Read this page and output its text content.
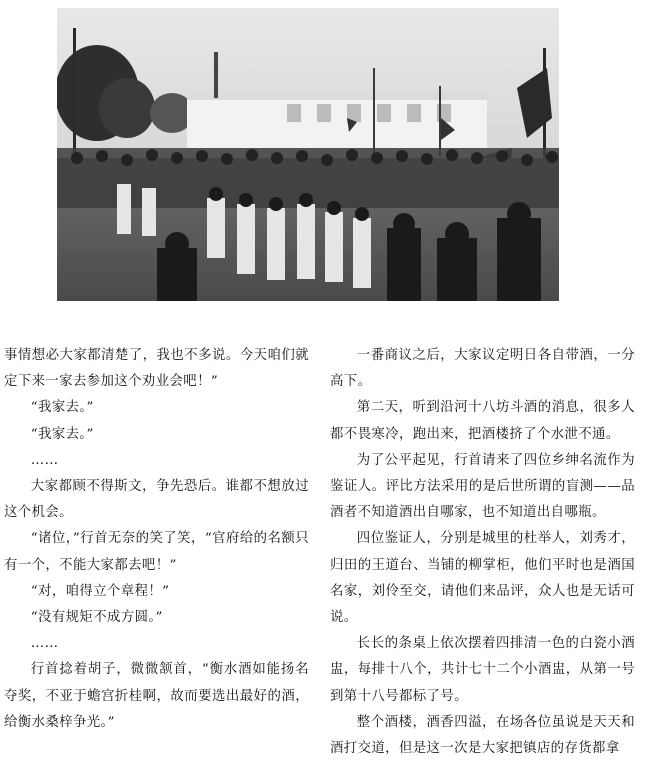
事情想必大家都清楚了，我也不多说。今天咱们就定下来一家去参加这个劝业会吧！”

“我家去。”

“我家去。”

……

大家都顾不得斯文，争先恐后。谁都不想放过这个机会。

“诸位，”行首无奈的笑了笑，“官府给的名额只有一个，不能大家都去吧！”

“对，咱得立个章程！”

“没有规矩不成方圆。”

……

行首捻着胡子，微微颔首，“衡水酒如能扬名夺奖，不亚于蟾宫折桂啊，故而要选出最好的酒，给衡水桑梓争光。”

一番商议之后，大家议定明日各自带酒，一分高下。

第二天，听到沿河十八坊斗酒的消息，很多人都不畏寒冷，跑出来，把酒楼挤了个水泄不通。

为了公平起见，行首请来了四位乡绅名流作为鉴证人。评比方法采用的是后世所谓的盲测——品酒者不知道酒出自哪家，也不知道出自哪瓶。

四位鉴证人，分别是城里的杜举人，刘秀才，归田的王道台、当铺的柳掌柜，他们平时也是酒国名家，刘伶至交，请他们来品评，众人也是无话可说。

长长的条桌上依次摆着四排清一色的白瓷小酒盅，每排十八个，共计七十二个小酒盅，从第一号到第十八号都标了号。

整个酒楼，酒香四溢，在场各位虽说是天天和酒打交道，但是这一次是大家把镇店的存货都拿
